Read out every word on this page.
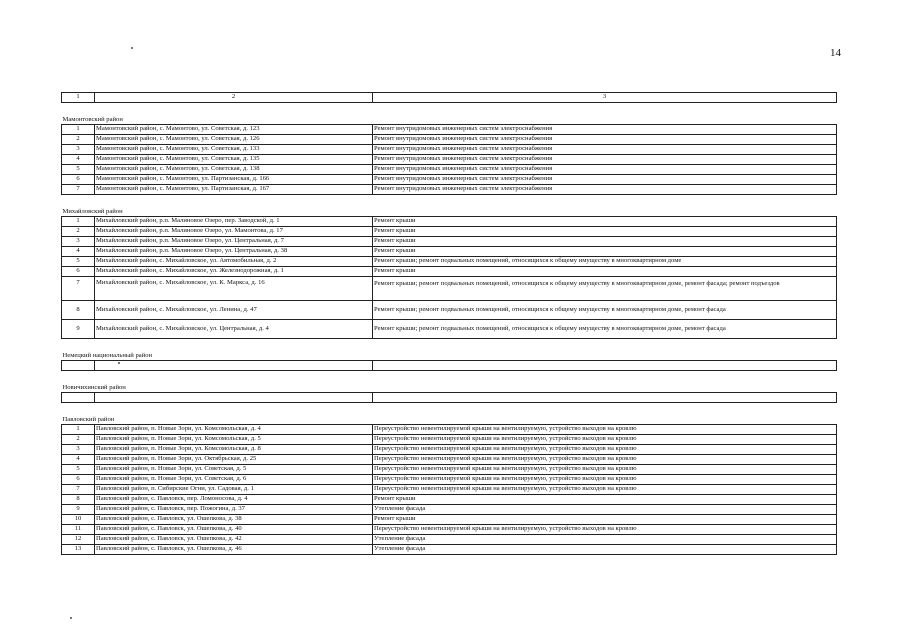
14
1	2	3

Мамонтовский район		
1	Мамонтовский район, с. Мамонтово, ул. Советская, д. 123	Ремонт внутридомовых инженерных систем электроснабжения
2	Мамонтовский район, с. Мамонтово, ул. Советская, д. 126	Ремонт внутридомовых инженерных систем электроснабжения
3	Мамонтовский район, с. Мамонтово, ул. Советская, д. 133	Ремонт внутридомовых инженерных систем электроснабжения
4	Мамонтовский район, с. Мамонтово, ул. Советская, д. 135	Ремонт внутридомовых инженерных систем электроснабжения
5	Мамонтовский район, с. Мамонтово, ул. Советская, д. 138	Ремонт внутридомовых инженерных систем электроснабжения
6	Мамонтовский район, с. Мамонтово, ул. Партизанская, д. 166	Ремонт внутридомовых инженерных систем электроснабжения
7	Мамонтовский район, с. Мамонтово, ул. Партизанская, д. 167	Ремонт внутридомовых инженерных систем электроснабжения

Михайловский район		
1	Михайловский район, р.п. Малиновое Озеро, пер. Заводской, д. 1	Ремонт крыши
2	Михайловский район, р.п. Малиновое Озеро, ул. Мамонтова, д. 17	Ремонт крыши
3	Михайловский район, р.п. Малиновое Озеро, ул. Центральная, д. 7	Ремонт крыши
4	Михайловский район, р.п. Малиновое Озеро, ул. Центральная, д. 38	Ремонт крыши
5	Михайловский район, с. Михайловское, ул. Автомобильная, д. 2	Ремонт крыши; ремонт подвальных помещений, относящихся к общему имуществу в многоквартирном доме
6	Михайловский район, с. Михайловское, ул. Железнодорожная, д. 1	Ремонт крыши
7	Михайловский район, с. Михайловское, ул. К. Маркса, д. 16	Ремонт крыши; ремонт подвальных помещений, относящихся к общему имуществу в многоквартирном доме, ремонт фасада; ремонт подъездов
8	Михайловский район, с. Михайловское, ул. Ленина, д. 47	Ремонт крыши; ремонт подвальных помещений, относящихся к общему имуществу в многоквартирном доме, ремонт фасада
9	Михайловский район, с. Михайловское, ул. Центральная, д. 4	Ремонт крыши; ремонт подвальных помещений, относящихся к общему имуществу в многоквартирном доме, ремонт фасада

Немецкий национальный район		

Новичихинский район		

Павловский район		
1	Павловский район, п. Новые Зори, ул. Комсомольская, д. 4	Переустройство невентилируемой крыши на вентилируемую, устройство выходов на кровлю
2	Павловский район, п. Новые Зори, ул. Комсомольская, д. 5	Переустройство невентилируемой крыши на вентилируемую, устройство выходов на кровлю
3	Павловский район, п. Новые Зори, ул. Комсомольская, д. 8	Переустройство невентилируемой крыши на вентилируемую, устройство выходов на кровлю
4	Павловский район, п. Новые Зори, ул. Октябрьская, д. 25	Переустройство невентилируемой крыши на вентилируемую, устройство выходов на кровлю
5	Павловский район, п. Новые Зори, ул. Советская, д. 5	Переустройство невентилируемой крыши на вентилируемую, устройство выходов на кровлю
6	Павловский район, п. Новые Зори, ул. Советская, д. 6	Переустройство невентилируемой крыши на вентилируемую, устройство выходов на кровлю
7	Павловский район, п. Сибирские Огни, ул. Садовая, д. 1	Переустройство невентилируемой крыши на вентилируемую, устройство выходов на кровлю
8	Павловский район, с. Павловск, пер. Ломоносова, д. 4	Ремонт крыши
9	Павловский район, с. Павловск, пер. Пожогина, д. 37	Утепление фасада
10	Павловский район, с. Павловск, ул. Ошепкова, д. 38	Ремонт крыши
11	Павловский район, с. Павловск, ул. Ошепкова, д. 40	Переустройство невентилируемой крыши на вентилируемую, устройство выходов на кровлю
12	Павловский район, с. Павловск, ул. Ошепкова, д. 42	Утепление фасада
13	Павловский район, с. Павловск, ул. Ошепкова, д. 46	Утепление фасада
